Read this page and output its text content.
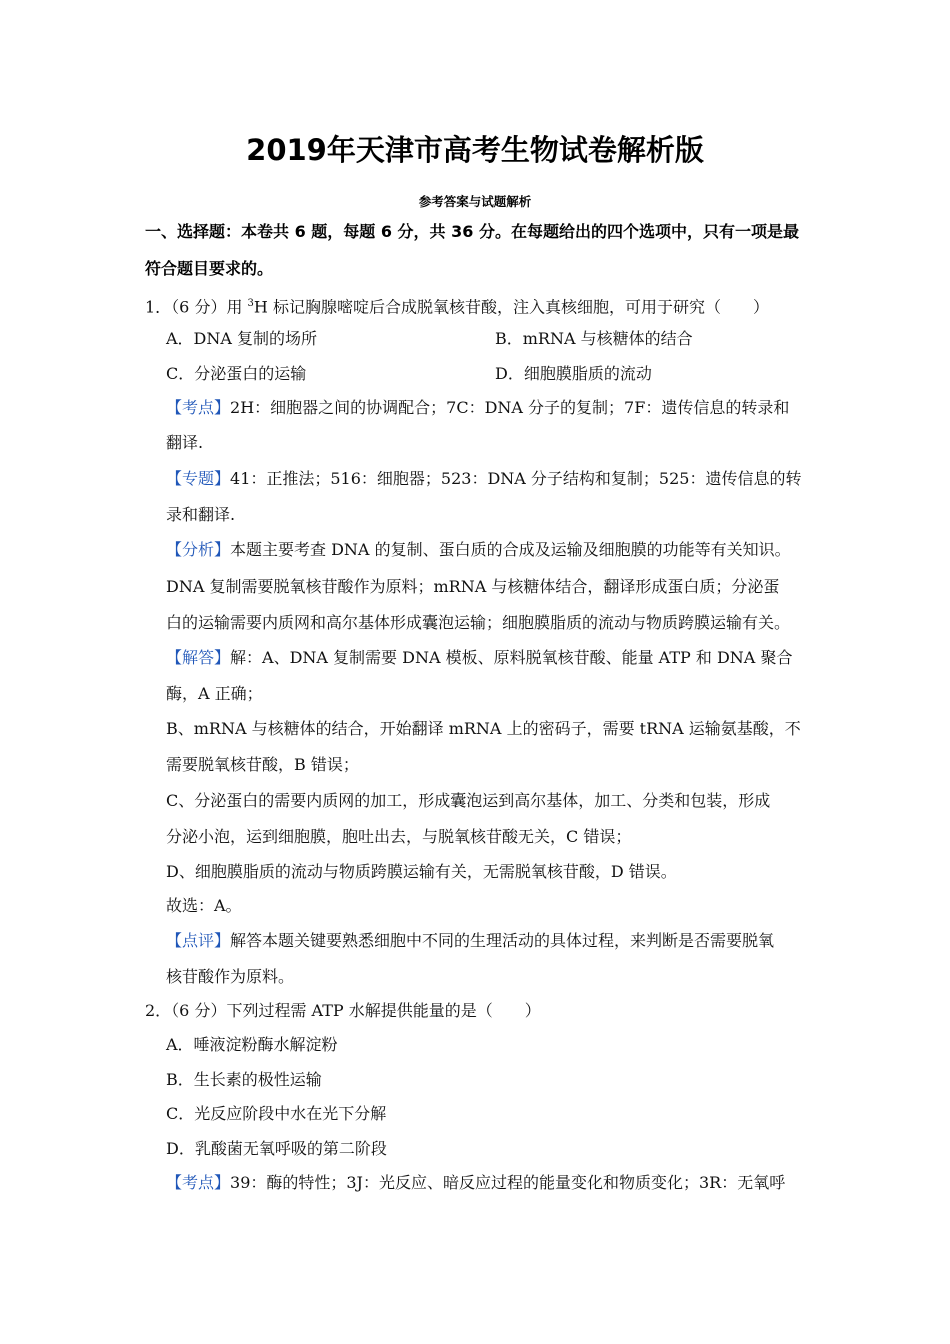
2019年天津市高考生物试卷解析版
参考答案与试题解析
一、选择题：本卷共 6 题，每题 6 分，共 36 分。在每题给出的四个选项中，只有一项是最
符合题目要求的。
1．（6 分）用 $^3$H 标记胸腺嘧啶后合成脱氧核苷酸，注入真核细胞，可用于研究（　　）
A．DNA 复制的场所	B．mRNA 与核糖体的结合
C．分泌蛋白的运输	D．细胞膜脂质的流动
【考点】2H：细胞器之间的协调配合；7C：DNA 分子的复制；7F：遗传信息的转录和
翻译.
【专题】41：正推法；516：细胞器；523：DNA 分子结构和复制；525：遗传信息的转
录和翻译.
【分析】本题主要考查 DNA 的复制、蛋白质的合成及运输及细胞膜的功能等有关知识。
DNA 复制需要脱氧核苷酸作为原料；mRNA 与核糖体结合，翻译形成蛋白质；分泌蛋
白的运输需要内质网和高尔基体形成囊泡运输；细胞膜脂质的流动与物质跨膜运输有关。
【解答】解：A、DNA 复制需要 DNA 模板、原料脱氧核苷酸、能量 ATP 和 DNA 聚合
酶，A 正确；
B、mRNA 与核糖体的结合，开始翻译 mRNA 上的密码子，需要 tRNA 运输氨基酸，不
需要脱氧核苷酸，B 错误；
C、分泌蛋白的需要内质网的加工，形成囊泡运到高尔基体，加工、分类和包装，形成
分泌小泡，运到细胞膜，胞吐出去，与脱氧核苷酸无关，C 错误；
D、细胞膜脂质的流动与物质跨膜运输有关，无需脱氧核苷酸，D 错误。
故选：A。
【点评】解答本题关键要熟悉细胞中不同的生理活动的具体过程，来判断是否需要脱氧
核苷酸作为原料。
2．（6 分）下列过程需 ATP 水解提供能量的是（　　）
A．唾液淀粉酶水解淀粉
B．生长素的极性运输
C．光反应阶段中水在光下分解
D．乳酸菌无氧呼吸的第二阶段
【考点】39：酶的特性；3J：光反应、暗反应过程的能量变化和物质变化；3R：无氧呼
